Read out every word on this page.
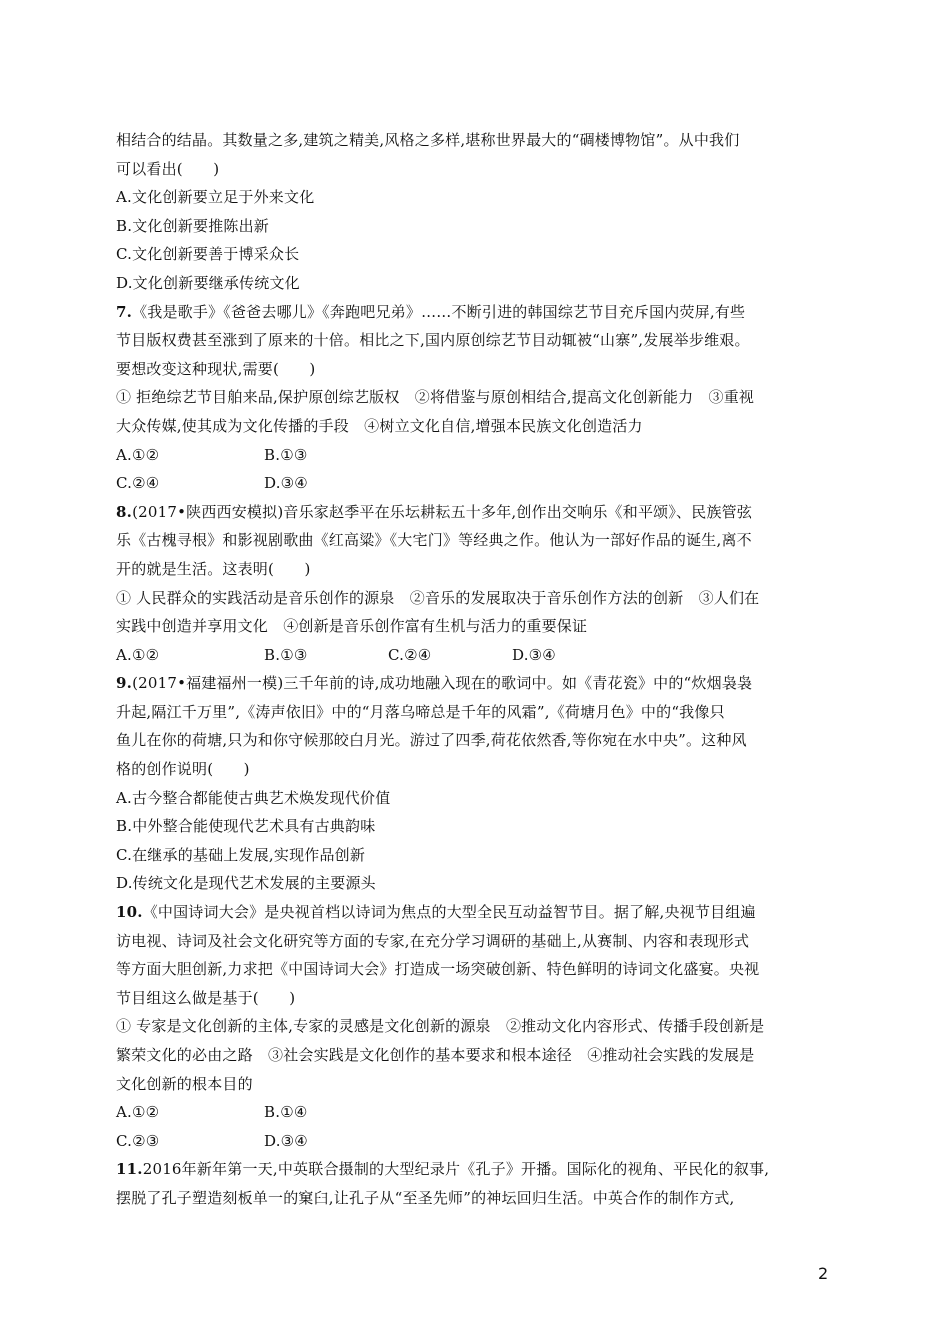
相结合的结晶。其数量之多,建筑之精美,风格之多样,堪称世界最大的“碉楼博物馆”。从中我们
可以看出(　　)
A.文化创新要立足于外来文化
B.文化创新要推陈出新
C.文化创新要善于博采众长
D.文化创新要继承传统文化
7.《我是歌手》《爸爸去哪儿》《奔跑吧兄弟》……不断引进的韩国综艺节目充斥国内荧屏,有些
节目版权费甚至涨到了原来的十倍。相比之下,国内原创综艺节目动辄被“山寨”,发展举步维艰。
要想改变这种现状,需要(　　)
① 拒绝综艺节目舶来品,保护原创综艺版权　②将借鉴与原创相结合,提高文化创新能力　③重视
大众传媒,使其成为文化传播的手段　④树立文化自信,增强本民族文化创造活力
A.①②	B.①③
C.②④	D.③④
8.(2017•陕西西安模拟)音乐家赵季平在乐坛耕耘五十多年,创作出交响乐《和平颂》、民族管弦
乐《古槐寻根》和影视剧歌曲《红高粱》《大宅门》等经典之作。他认为一部好作品的诞生,离不
开的就是生活。这表明(　　)
① 人民群众的实践活动是音乐创作的源泉　②音乐的发展取决于音乐创作方法的创新　③人们在
实践中创造并享用文化　④创新是音乐创作富有生机与活力的重要保证
A.①②	B.①③	C.②④	D.③④
9.(2017•福建福州一模)三千年前的诗,成功地融入现在的歌词中。如《青花瓷》中的“炊烟袅袅
升起,隔江千万里”,《涛声依旧》中的“月落乌啼总是千年的风霜”,《荷塘月色》中的“我像只
鱼儿在你的荷塘,只为和你守候那皎白月光。游过了四季,荷花依然香,等你宛在水中央”。这种风
格的创作说明(　　)
A.古今整合都能使古典艺术焕发现代价值
B.中外整合能使现代艺术具有古典韵味
C.在继承的基础上发展,实现作品创新
D.传统文化是现代艺术发展的主要源头
10.《中国诗词大会》是央视首档以诗词为焦点的大型全民互动益智节目。据了解,央视节目组遍
访电视、诗词及社会文化研究等方面的专家,在充分学习调研的基础上,从赛制、内容和表现形式
等方面大胆创新,力求把《中国诗词大会》打造成一场突破创新、特色鲜明的诗词文化盛宴。央视
节目组这么做是基于(　　)
① 专家是文化创新的主体,专家的灵感是文化创新的源泉　②推动文化内容形式、传播手段创新是
繁荣文化的必由之路　③社会实践是文化创作的基本要求和根本途径　④推动社会实践的发展是
文化创新的根本目的
A.①②	B.①④
C.②③	D.③④
11.2016年新年第一天,中英联合摄制的大型纪录片《孔子》开播。国际化的视角、平民化的叙事,
摆脱了孔子塑造刻板单一的窠臼,让孔子从“至圣先师”的神坛回归生活。中英合作的制作方式,
2
